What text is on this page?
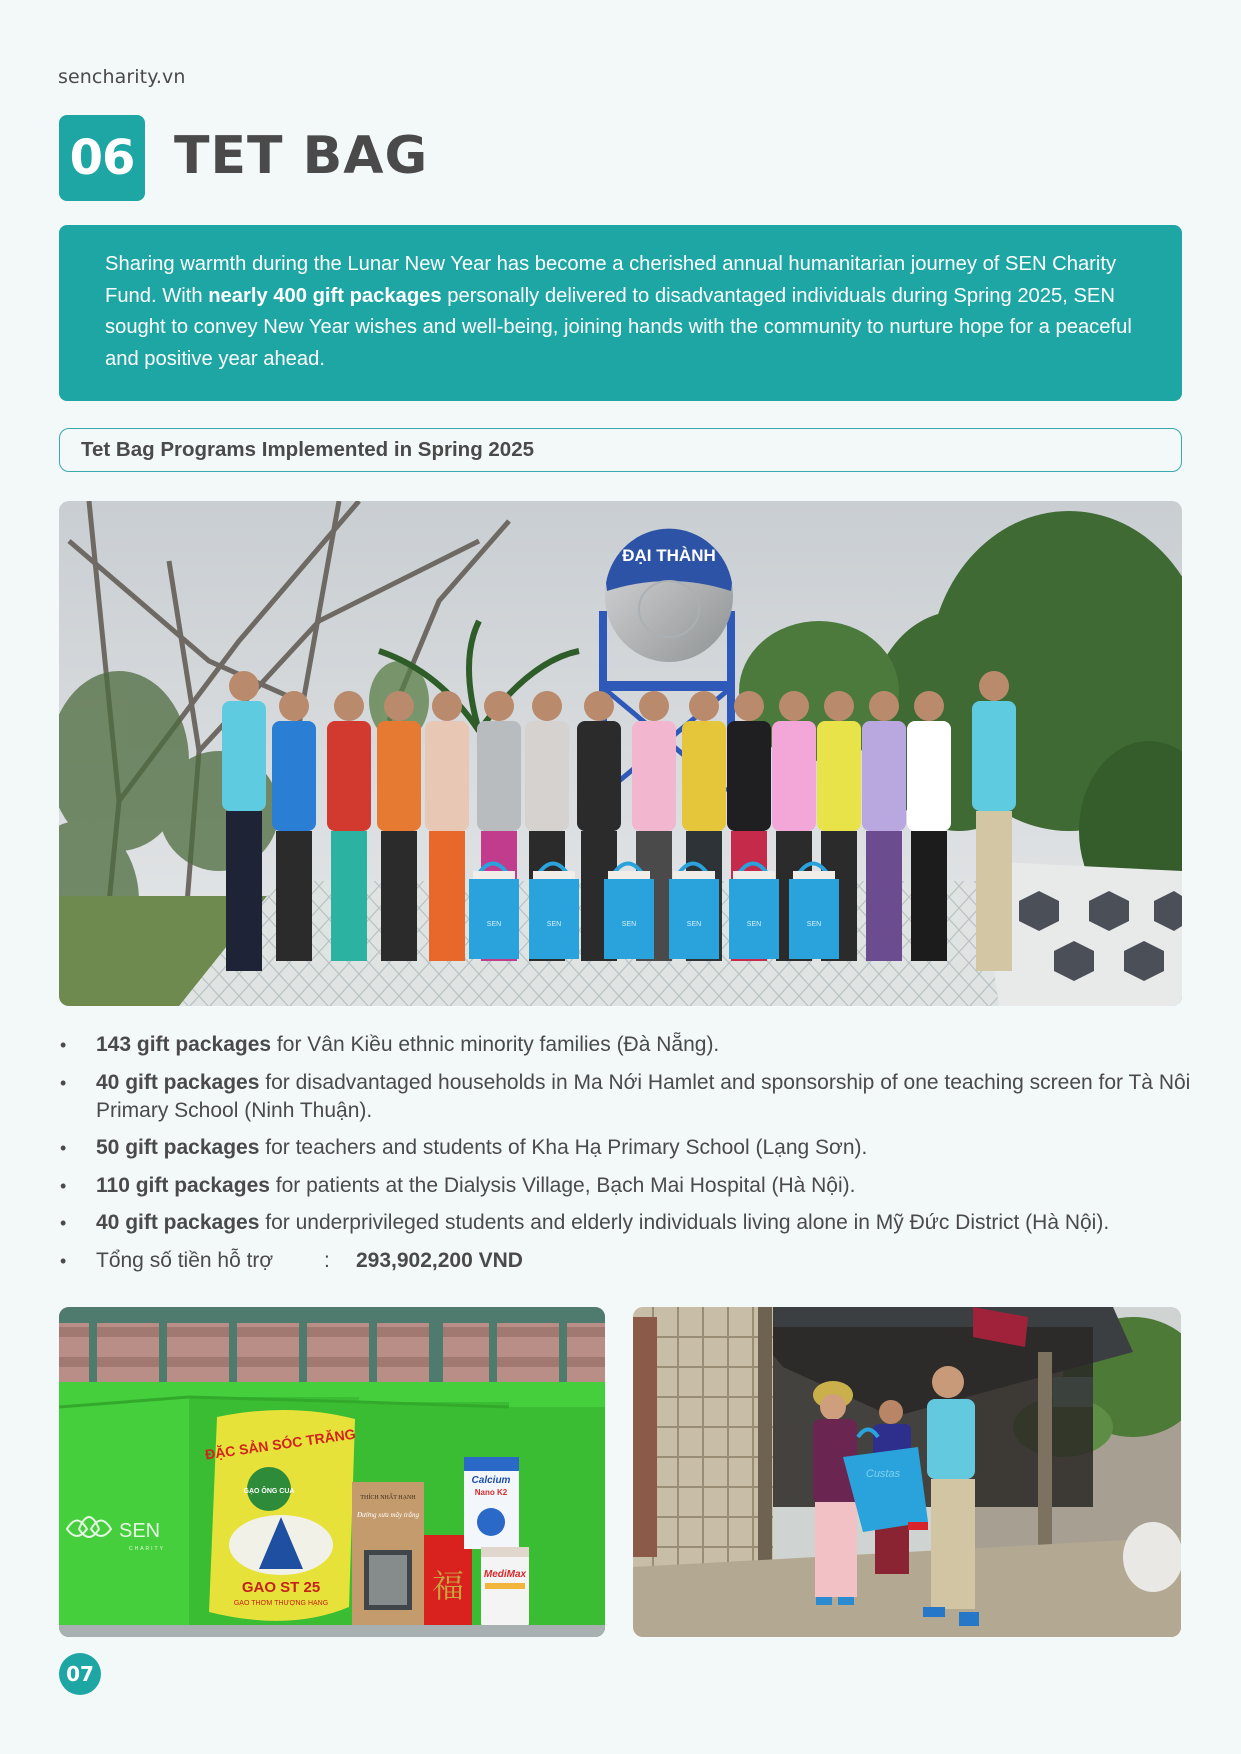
sencharity.vn
06 TET BAG
Sharing warmth during the Lunar New Year has become a cherished annual humanitarian journey of SEN Charity Fund. With nearly 400 gift packages personally delivered to disadvantaged individuals during Spring 2025, SEN sought to convey New Year wishes and well-being, joining hands with the community to nurture hope for a peaceful and positive year ahead.
Tet Bag Programs Implemented in Spring 2025
ĐẠI THÀNH
SEN	SEN	SEN	SEN	SEN	SEN
• 143 gift packages for Vân Kiều ethnic minority families (Đà Nẵng).
• 40 gift packages for disadvantaged households in Ma Nới Hamlet and sponsorship of one teaching screen for Tà Nôi Primary School (Ninh Thuận).
• 50 gift packages for teachers and students of Kha Hạ Primary School (Lạng Sơn).
• 110 gift packages for patients at the Dialysis Village, Bạch Mai Hospital (Hà Nội).
• 40 gift packages for underprivileged students and elderly individuals living alone in Mỹ Đức District (Hà Nội).
• Tổng số tiền hỗ trợ : 293,902,200 VND
SEN
CHARITY
ĐẶC SẢN SÓC TRĂNG
GẠO ÔNG CUA
GAO ST 25
GẠO THƠM THƯỢNG HẠNG
THÍCH NHẤT HẠNH
Đường xưa mây trắng
福
Calcium
Nano K2
MediMax
Custas
07
